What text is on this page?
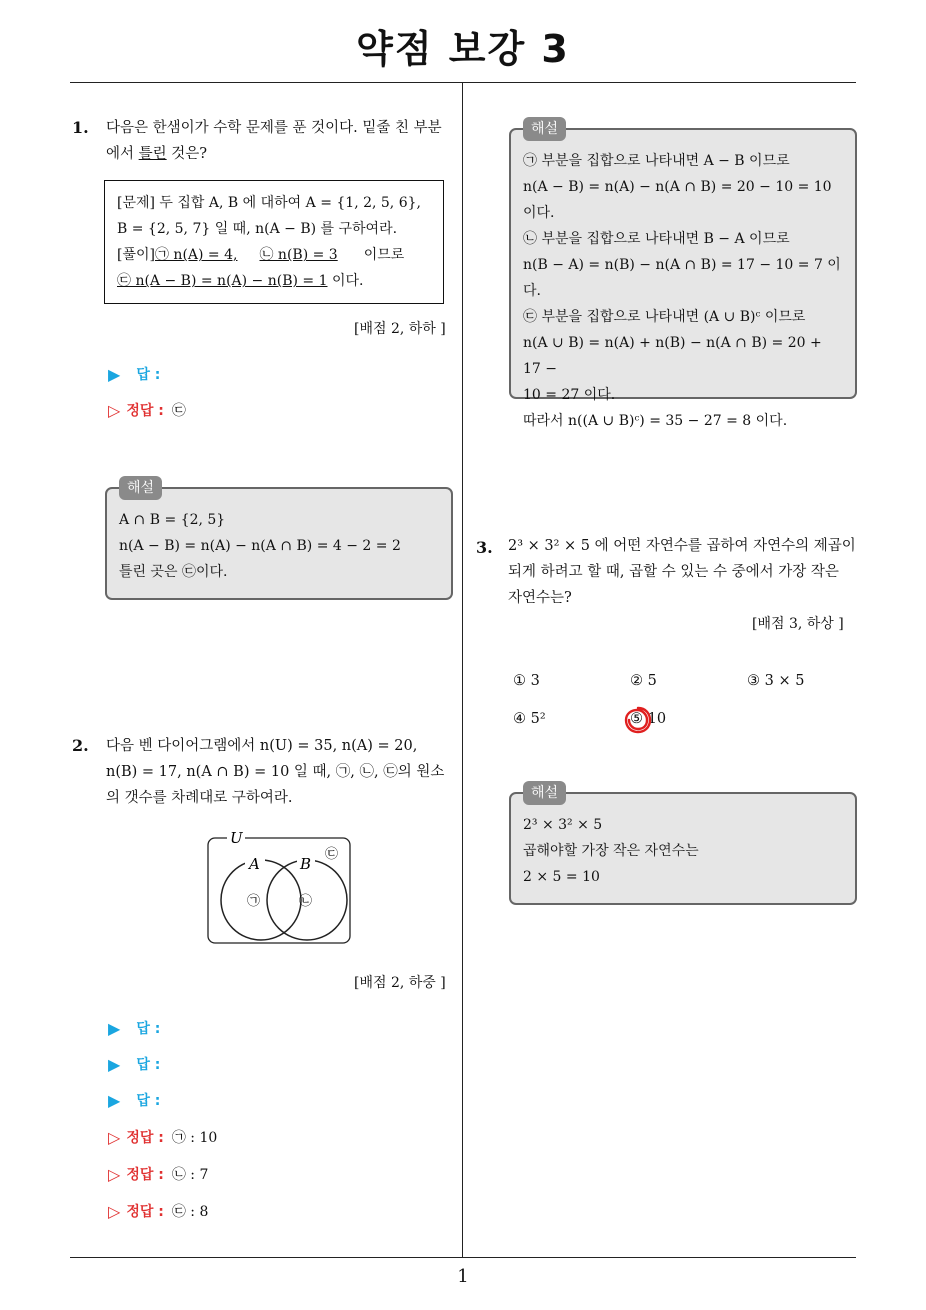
약점 보강 3
1
1. 다음은 한샘이가 수학 문제를 푼 것이다. 밑줄 친 부분
에서 틀린 것은?
[문제] 두 집합 A, B 에 대하여 A = {1, 2, 5, 6},
B = {2, 5, 7} 일 때, n(A − B) 를 구하여라.
[풀이] ㉠ n(A) = 4, ㉡ n(B) = 3 이므로
㉢ n(A − B) = n(A) − n(B) = 1 이다.
[배점 2, 하하 ]
▶ 답 :
▷ 정답 : ㉢
해설
A ∩ B = {2, 5}
n(A − B) = n(A) − n(A ∩ B) = 4 − 2 = 2
틀린 곳은 ㉢이다.
2. 다음 벤 다이어그램에서 n(U) = 35, n(A) = 20,
n(B) = 17, n(A ∩ B) = 10 일 때, ㉠, ㉡, ㉢의 원소
의 갯수를 차례대로 구하여라.
U
A	B
㉠	㉡
㉢
[배점 2, 하중 ]
▶ 답 :
▶ 답 :
▶ 답 :
▷ 정답 : ㉠ : 10
▷ 정답 : ㉡ : 7
▷ 정답 : ㉢ : 8
해설
㉠ 부분을 집합으로 나타내면 A − B 이므로
n(A − B) = n(A) − n(A ∩ B) = 20 − 10 = 10
이다.
㉡ 부분을 집합으로 나타내면 B − A 이므로
n(B − A) = n(B) − n(A ∩ B) = 17 − 10 = 7 이다.
㉢ 부분을 집합으로 나타내면 (A ∪ B)ᶜ 이므로
n(A ∪ B) = n(A) + n(B) − n(A ∩ B) = 20 + 17 −
10 = 27 이다.
따라서 n((A ∪ B)ᶜ) = 35 − 27 = 8 이다.
3. 2³ × 3² × 5 에 어떤 자연수를 곱하여 자연수의 제곱이
되게 하려고 할 때, 곱할 수 있는 수 중에서 가장 작은
자연수는?
[배점 3, 하상 ]
① 3	② 5	③ 3 × 5
④ 5²	⑤ 10
해설
2³ × 3² × 5
곱해야할 가장 작은 자연수는
2 × 5 = 10
